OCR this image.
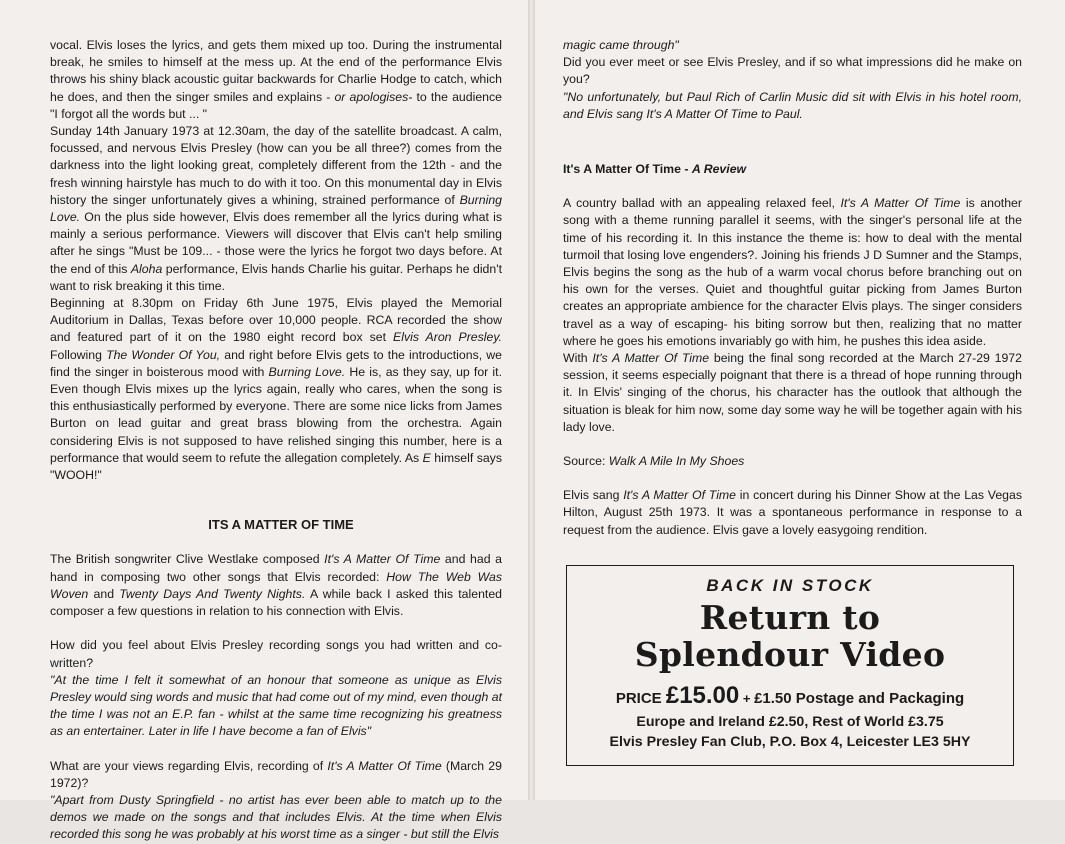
vocal. Elvis loses the lyrics, and gets them mixed up too. During the instrumental break, he smiles to himself at the mess up. At the end of the performance Elvis throws his shiny black acoustic guitar backwards for Charlie Hodge to catch, which he does, and then the singer smiles and explains - or apologises- to the audience "I forgot all the words but ... "

Sunday 14th January 1973 at 12.30am, the day of the satellite broadcast. A calm, focussed, and nervous Elvis Presley (how can you be all three?) comes from the darkness into the light looking great, completely different from the 12th - and the fresh winning hairstyle has much to do with it too. On this monumental day in Elvis history the singer unfortunately gives a whining, strained performance of Burning Love. On the plus side however, Elvis does remember all the lyrics during what is mainly a serious performance. Viewers will discover that Elvis can't help smiling after he sings "Must be 109... - those were the lyrics he forgot two days before. At the end of this Aloha performance, Elvis hands Charlie his guitar. Perhaps he didn't want to risk breaking it this time.

Beginning at 8.30pm on Friday 6th June 1975, Elvis played the Memorial Auditorium in Dallas, Texas before over 10,000 people. RCA recorded the show and featured part of it on the 1980 eight record box set Elvis Aron Presley. Following The Wonder Of You, and right before Elvis gets to the introductions, we find the singer in boisterous mood with Burning Love. He is, as they say, up for it. Even though Elvis mixes up the lyrics again, really who cares, when the song is this enthusiastically performed by everyone. There are some nice licks from James Burton on lead guitar and great brass blowing from the orchestra. Again considering Elvis is not supposed to have relished singing this number, here is a performance that would seem to refute the allegation completely. As E himself says "WOOH!"

ITS A MATTER OF TIME

The British songwriter Clive Westlake composed It's A Matter Of Time and had a hand in composing two other songs that Elvis recorded: How The Web Was Woven and Twenty Days And Twenty Nights. A while back I asked this talented composer a few questions in relation to his connection with Elvis.

How did you feel about Elvis Presley recording songs you had written and co-written?

"At the time I felt it somewhat of an honour that someone as unique as Elvis Presley would sing words and music that had come out of my mind, even though at the time I was not an E.P. fan - whilst at the same time recognizing his greatness as an entertainer. Later in life I have become a fan of Elvis"

What are your views regarding Elvis, recording of It's A Matter Of Time (March 29 1972)?

"Apart from Dusty Springfield - no artist has ever been able to match up to the demos we made on the songs and that includes Elvis. At the time when Elvis recorded this song he was probably at his worst time as a singer - but still the Elvis

magic came through"

Did you ever meet or see Elvis Presley, and if so what impressions did he make on you?

"No unfortunately, but Paul Rich of Carlin Music did sit with Elvis in his hotel room, and Elvis sang It's A Matter Of Time to Paul.

It's A Matter Of Time - A Review

A country ballad with an appealing relaxed feel, It's A Matter Of Time is another song with a theme running parallel it seems, with the singer's personal life at the time of his recording it. In this instance the theme is: how to deal with the mental turmoil that losing love engenders?. Joining his friends J D Sumner and the Stamps, Elvis begins the song as the hub of a warm vocal chorus before branching out on his own for the verses. Quiet and thoughtful guitar picking from James Burton creates an appropriate ambience for the character Elvis plays. The singer considers travel as a way of escaping- his biting sorrow but then, realizing that no matter where he goes his emotions invariably go with him, he pushes this idea aside.

With It's A Matter Of Time being the final song recorded at the March 27-29 1972 session, it seems especially poignant that there is a thread of hope running through it. In Elvis' singing of the chorus, his character has the outlook that although the situation is bleak for him now, some day some way he will be together again with his lady love.

Source: Walk A Mile In My Shoes

Elvis sang It's A Matter Of Time in concert during his Dinner Show at the Las Vegas Hilton, August 25th 1973. It was a spontaneous performance in response to a request from the audience. Elvis gave a lovely easygoing rendition.

BACK IN STOCK
Return to
Splendour Video
PRICE £15.00 + £1.50 Postage and Packaging
Europe and Ireland £2.50, Rest of World £3.75
Elvis Presley Fan Club, P.O. Box 4, Leicester LE3 5HY
